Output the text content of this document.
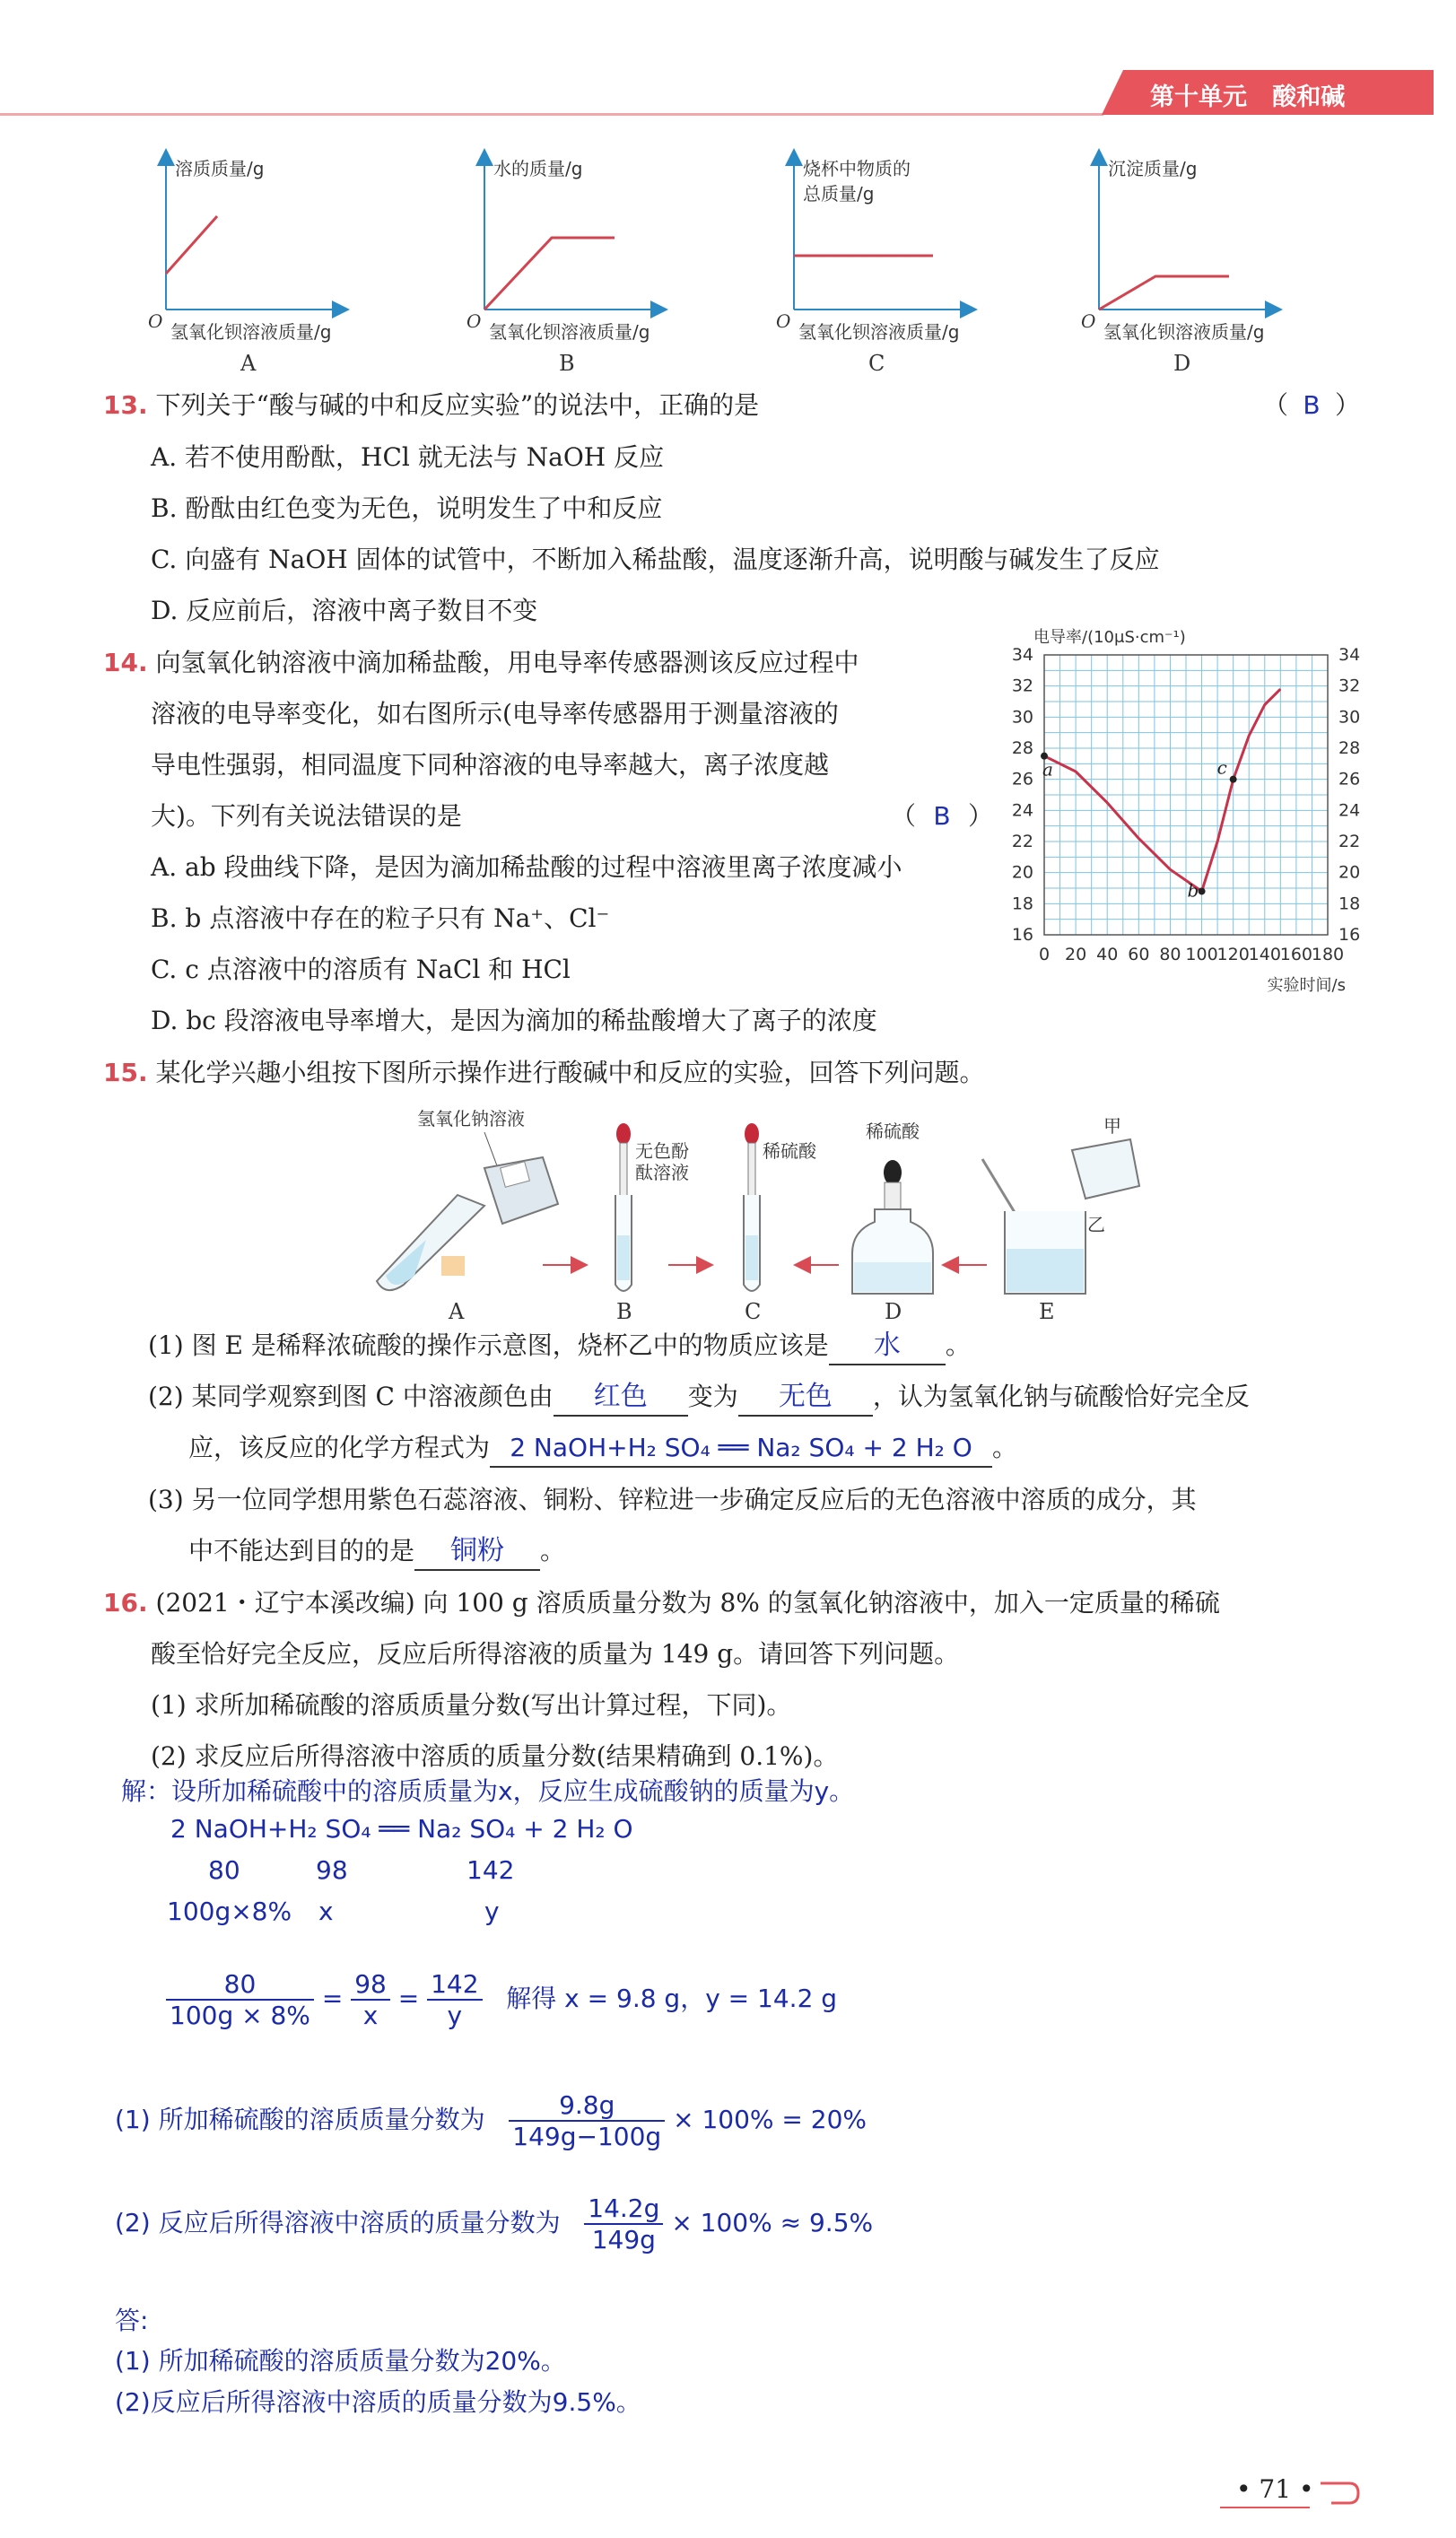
第十单元 酸和碱
溶质质量/g
O 氢氧化钡溶液质量/g
A
水的质量/g
O 氢氧化钡溶液质量/g
B
烧杯中物质的
总质量/g
O 氢氧化钡溶液质量/g
C
沉淀质量/g
O 氢氧化钡溶液质量/g
D
13. 下列关于“酸与碱的中和反应实验”的说法中，正确的是	（ B ）
A. 若不使用酚酞，HCl 就无法与 NaOH 反应
B. 酚酞由红色变为无色，说明发生了中和反应
C. 向盛有 NaOH 固体的试管中，不断加入稀盐酸，温度逐渐升高，说明酸与碱发生了反应
D. 反应前后，溶液中离子数目不变
14. 向氢氧化钠溶液中滴加稀盐酸，用电导率传感器测该反应过程中
溶液的电导率变化，如右图所示(电导率传感器用于测量溶液的
导电性强弱，相同温度下同种溶液的电导率越大，离子浓度越
大)。下列有关说法错误的是	（ B ）
A. ab 段曲线下降，是因为滴加稀盐酸的过程中溶液里离子浓度减小
B. b 点溶液中存在的粒子只有 Na⁺、Cl⁻
C. c 点溶液中的溶质有 NaCl 和 HCl
D. bc 段溶液电导率增大，是因为滴加的稀盐酸增大了离子的浓度
电导率/(10μS·cm⁻¹)
16	16
18	18
20	20
22	22
24	24
26	26
28	28
30	30
32	32
34	34
0 20 40 60 80 100
120
140
160
180
实验时间/s
a
b
c
15. 某化学兴趣小组按下图所示操作进行酸碱中和反应的实验，回答下列问题。
氢氧化钠溶液
A
无色酚
酞溶液
B
稀硫酸
C
稀硫酸
D
甲
乙
E
(1) 图 E 是稀释浓硫酸的操作示意图，烧杯乙中的物质应该是 水 。
(2) 某同学观察到图 C 中溶液颜色由 红色 变为 无色 ，认为氢氧化钠与硫酸恰好完全反
应，该反应的化学方程式为 2 NaOH+H₂ SO₄ ══ Na₂ SO₄ + 2 H₂ O 。
(3) 另一位同学想用紫色石蕊溶液、铜粉、锌粒进一步确定反应后的无色溶液中溶质的成分，其
中不能达到目的的是 铜粉 。
16. (2021・辽宁本溪改编) 向 100 g 溶质质量分数为 8% 的氢氧化钠溶液中，加入一定质量的稀硫
酸至恰好完全反应，反应后所得溶液的质量为 149 g。请回答下列问题。
(1) 求所加稀硫酸的溶质质量分数(写出计算过程，下同)。
(2) 求反应后所得溶液中溶质的质量分数(结果精确到 0.1%)。
解：设所加稀硫酸中的溶质质量为x，反应生成硫酸钠的质量为y。
2 NaOH+H₂ SO₄ ══ Na₂ SO₄ + 2 H₂ O
80	98	142
100g×8% x	y
$\frac{80}{100g \times 8\%} = \frac{98}{x} = \frac{142}{y}$ 解得 x = 9.8 g，y = 14.2 g
(1) 所加稀硫酸的溶质质量分数为 $\frac{9.8g}{149g-100g} \times 100\% = 20\%$
(2) 反应后所得溶液中溶质的质量分数为 $\frac{14.2g}{149g} \times 100\% \approx 9.5\%$
答:
(1) 所加稀硫酸的溶质质量分数为20%。
(2)反应后所得溶液中溶质的质量分数为9.5%。
• 71 •
